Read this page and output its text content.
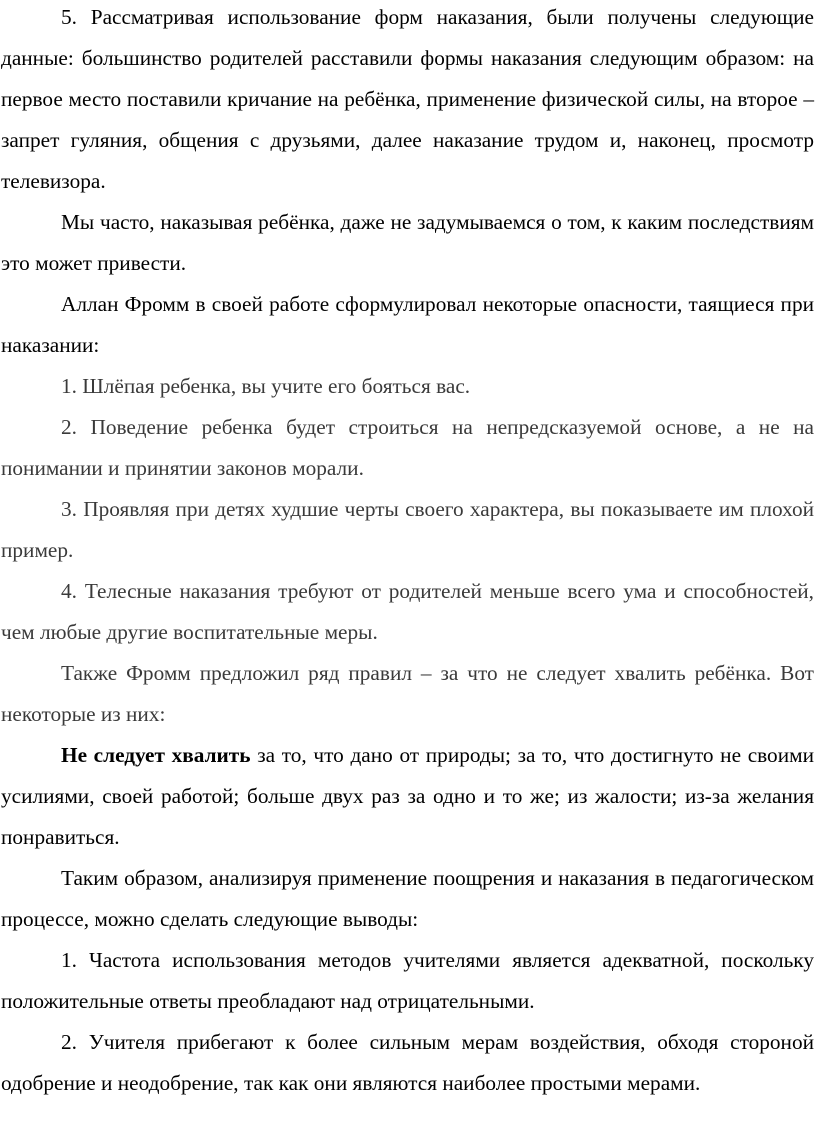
5. Рассматривая использование форм наказания, были получены следующие данные: большинство родителей расставили формы наказания следующим образом: на первое место поставили кричание на ребёнка, применение физической силы, на второе – запрет гуляния, общения с друзьями, далее наказание трудом и, наконец, просмотр телевизора.

Мы часто, наказывая ребёнка, даже не задумываемся о том, к каким последствиям это может привести.

Аллан Фромм в своей работе сформулировал некоторые опасности, таящиеся при наказании:

1. Шлёпая ребенка, вы учите его бояться вас.

2. Поведение ребенка будет строиться на непредсказуемой основе, а не на понимании и принятии законов морали.

3. Проявляя при детях худшие черты своего характера, вы показываете им плохой пример.

4. Телесные наказания требуют от родителей меньше всего ума и способностей, чем любые другие воспитательные меры.

Также Фромм предложил ряд правил – за что не следует хвалить ребёнка. Вот некоторые из них:

Не следует хвалить за то, что дано от природы; за то, что достигнуто не своими усилиями, своей работой; больше двух раз за одно и то же; из жалости; из-за желания понравиться.

Таким образом, анализируя применение поощрения и наказания в педагогическом процессе, можно сделать следующие выводы:

1. Частота использования методов учителями является адекватной, поскольку положительные ответы преобладают над отрицательными.

2. Учителя прибегают к более сильным мерам воздействия, обходя стороной одобрение и неодобрение, так как они являются наиболее простыми мерами.
